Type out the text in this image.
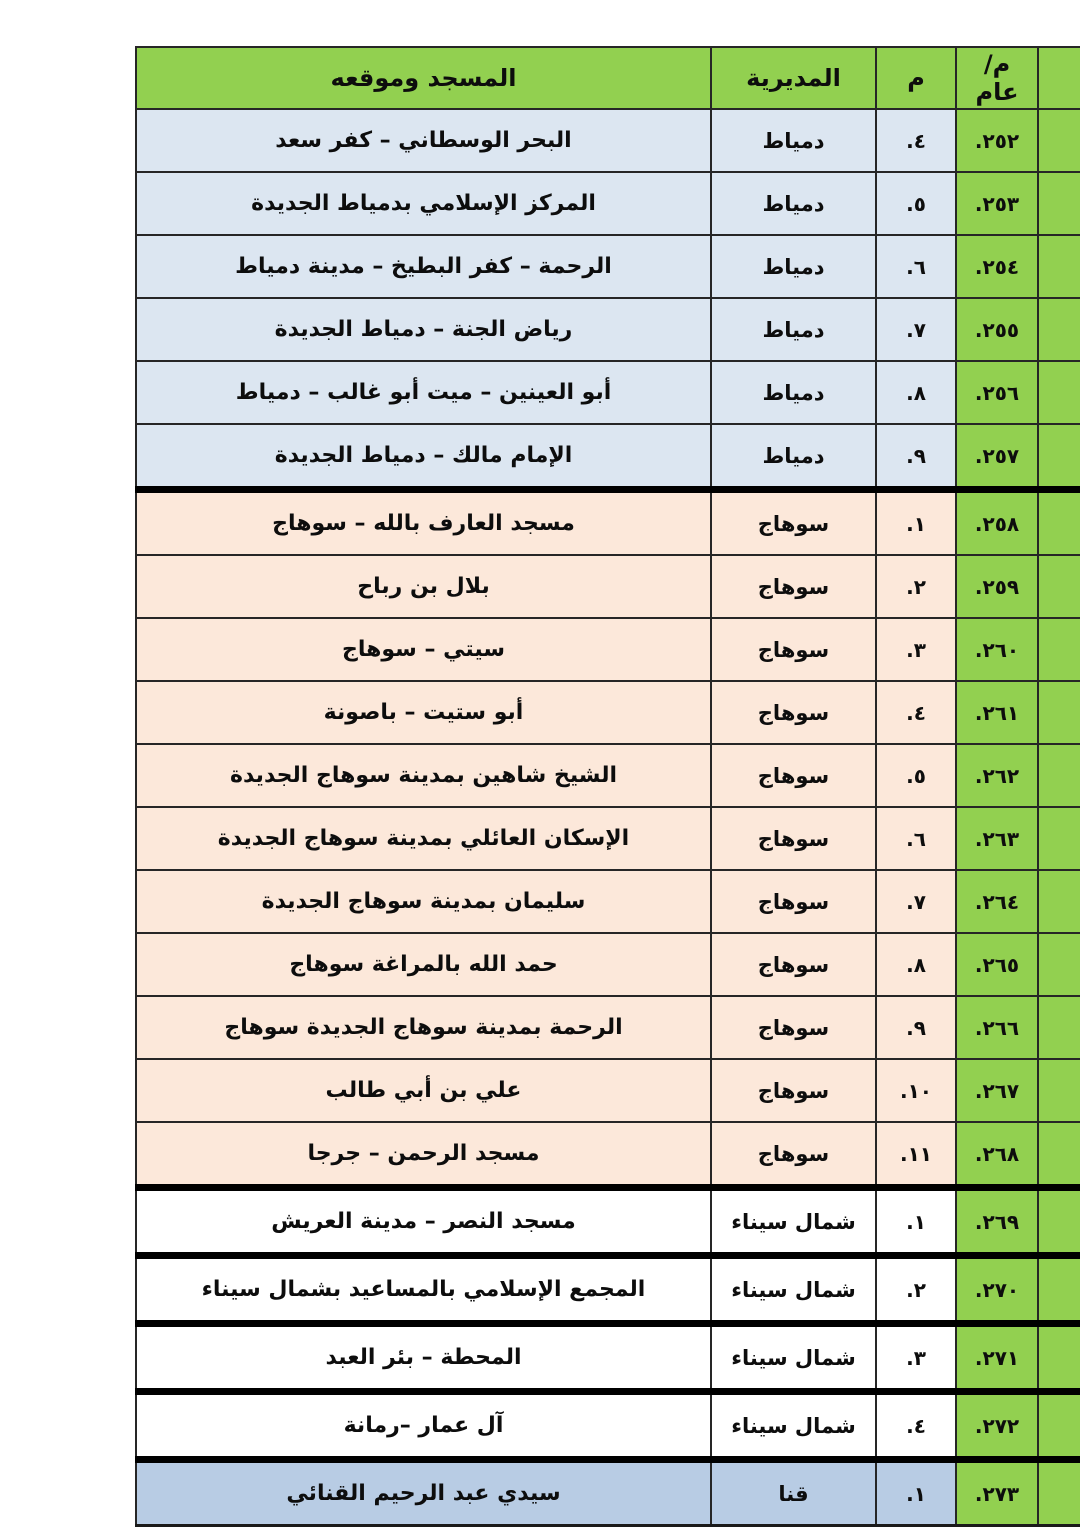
	م/ عام	م	المديرية	المسجد وموقعه
	٢٥٢.	٤.	دمياط	البحر الوسطاني – كفر سعد
	٢٥٣.	٥.	دمياط	المركز الإسلامي بدمياط الجديدة
	٢٥٤.	٦.	دمياط	الرحمة – كفر البطيخ – مدينة دمياط
	٢٥٥.	٧.	دمياط	رياض الجنة – دمياط الجديدة
	٢٥٦.	٨.	دمياط	أبو العينين – ميت أبو غالب – دمياط
	٢٥٧.	٩.	دمياط	الإمام مالك – دمياط الجديدة
	٢٥٨.	١.	سوهاج	مسجد العارف بالله – سوهاج
	٢٥٩.	٢.	سوهاج	بلال بن رباح
	٢٦٠.	٣.	سوهاج	سيتي – سوهاج
	٢٦١.	٤.	سوهاج	أبو ستيت – باصونة
	٢٦٢.	٥.	سوهاج	الشيخ شاهين بمدينة سوهاج الجديدة
	٢٦٣.	٦.	سوهاج	الإسكان العائلي بمدينة سوهاج الجديدة
	٢٦٤.	٧.	سوهاج	سليمان بمدينة سوهاج الجديدة
	٢٦٥.	٨.	سوهاج	حمد الله بالمراغة سوهاج
	٢٦٦.	٩.	سوهاج	الرحمة بمدينة سوهاج الجديدة سوهاج
	٢٦٧.	١٠.	سوهاج	علي بن أبي طالب
	٢٦٨.	١١.	سوهاج	مسجد الرحمن – جرجا
	٢٦٩.	١.	شمال سيناء	مسجد النصر – مدينة العريش
	٢٧٠.	٢.	شمال سيناء	المجمع الإسلامي بالمساعيد بشمال سيناء
	٢٧١.	٣.	شمال سيناء	المحطة – بئر العبد
	٢٧٢.	٤.	شمال سيناء	آل عمار –رمانة
	٢٧٣.	١.	قنا	سيدي عبد الرحيم القنائي
